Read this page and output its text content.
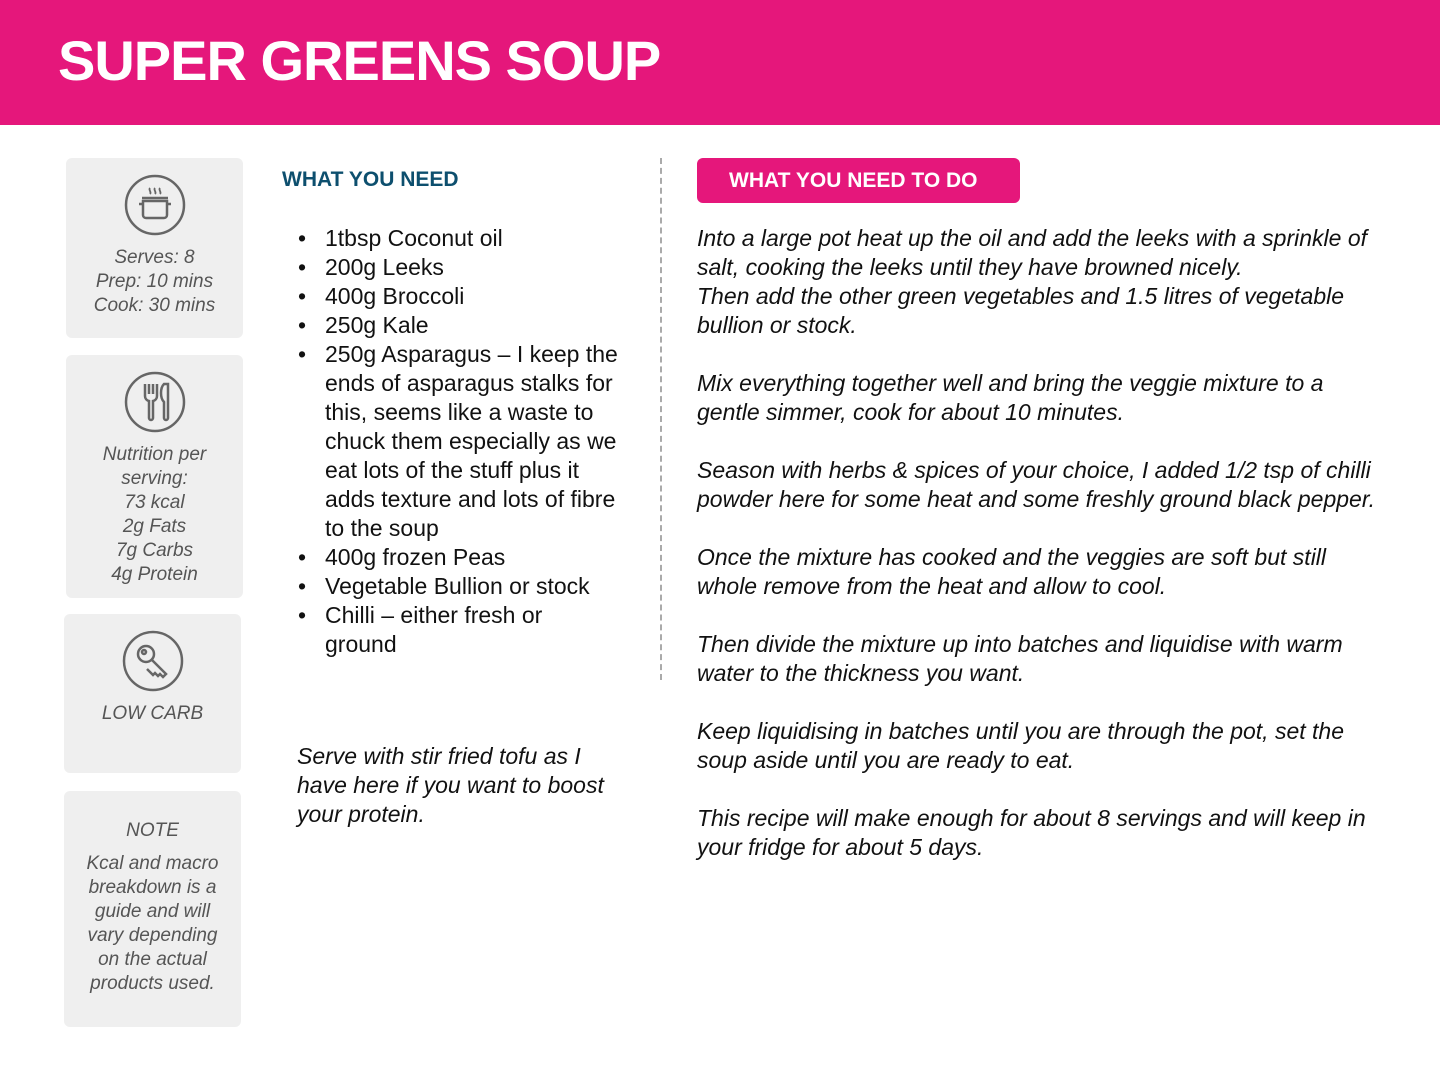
SUPER GREENS SOUP
Serves: 8
Prep: 10 mins
Cook: 30 mins
Nutrition per
serving:
73 kcal
2g Fats
7g Carbs
4g Protein
LOW CARB
NOTE
Kcal and macro
breakdown is a
guide and will
vary depending
on the actual
products used.
WHAT YOU NEED
• 1tbsp Coconut oil
• 200g Leeks
• 400g Broccoli
• 250g Kale
• 250g Asparagus – I keep the ends of asparagus stalks for this, seems like a waste to chuck them especially as we eat lots of the stuff plus it adds texture and lots of fibre to the soup
• 400g frozen Peas
• Vegetable Bullion or stock
• Chilli – either fresh or ground
Serve with stir fried tofu as I have here if you want to boost your protein.
WHAT YOU NEED TO DO

Into a large pot heat up the oil and add the leeks with a sprinkle of salt, cooking the leeks until they have browned nicely.
Then add the other green vegetables and 1.5 litres of vegetable bullion or stock.

Mix everything together well and bring the veggie mixture to a gentle simmer, cook for about 10 minutes.

Season with herbs & spices of your choice, I added 1/2 tsp of chilli powder here for some heat and some freshly ground black pepper.

Once the mixture has cooked and the veggies are soft but still whole remove from the heat and allow to cool.

Then divide the mixture up into batches and liquidise with warm water to the thickness you want.

Keep liquidising in batches until you are through the pot, set the soup aside until you are ready to eat.

This recipe will make enough for about 8 servings and will keep in your fridge for about 5 days.
